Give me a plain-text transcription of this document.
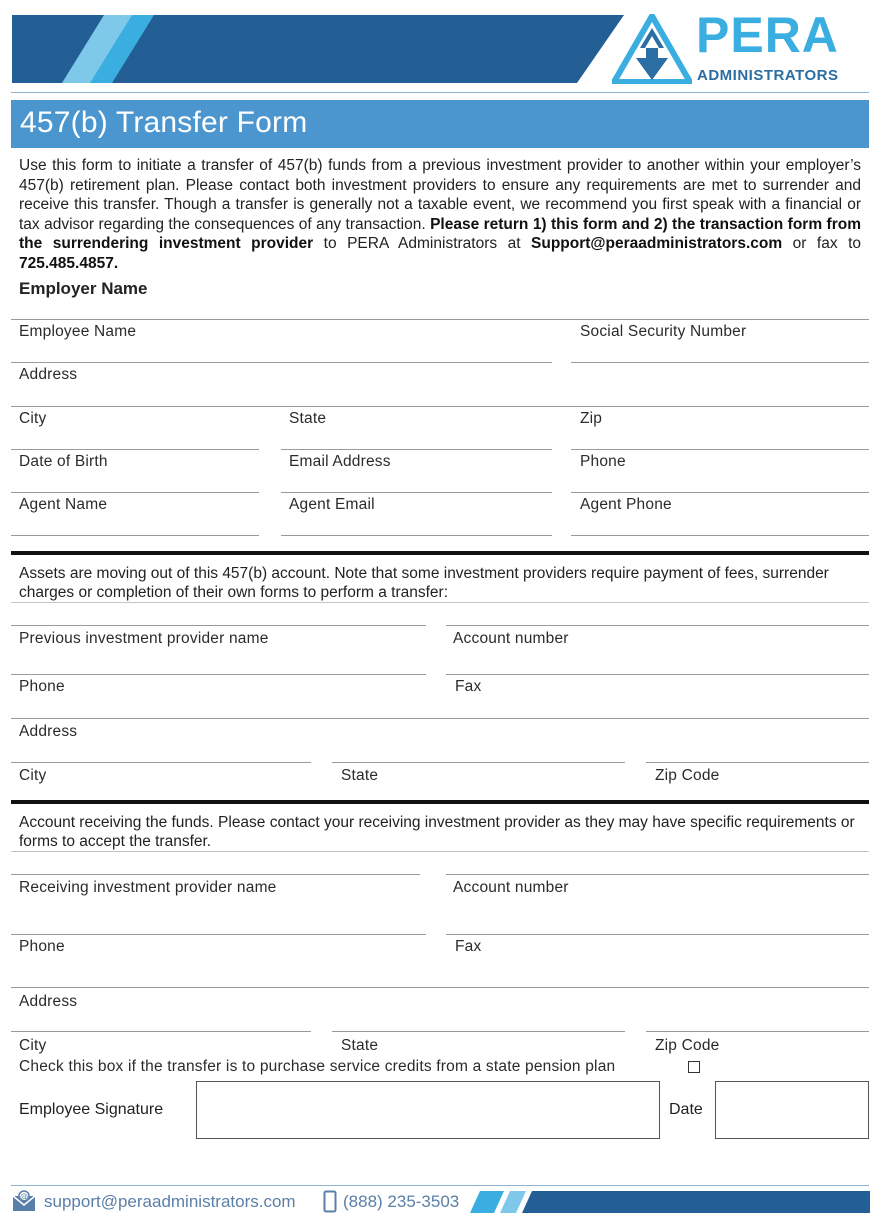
PERA
ADMINISTRATORS
457(b) Transfer Form
Use this form to initiate a transfer of 457(b) funds from a previous investment provider to another within your employer’s 457(b) retirement plan. Please contact both investment providers to ensure any requirements are met to surrender and receive this transfer. Though a transfer is generally not a taxable event, we recommend you first speak with a financial or tax advisor regarding the consequences of any transaction. Please return 1) this form and 2) the transaction form from the surrendering investment provider to PERA Administrators at Support@peraadministrators.com or fax to 725.485.4857.
Employer Name
Employee Name	Social Security Number
Address
City	State	Zip
Date of Birth	Email Address	Phone
Agent Name	Agent Email	Agent Phone
Assets are moving out of this 457(b) account. Note that some investment providers require payment of fees, surrender charges or completion of their own forms to perform a transfer:
Previous investment provider name	Account number
Phone	Fax
Address
City	State	Zip Code
Account receiving the funds. Please contact your receiving investment provider as they may have specific requirements or forms to accept the transfer.
Receiving investment provider name	Account number
Phone	Fax
Address
City	State	Zip Code
Check this box if the transfer is to purchase service credits from a state pension plan
Employee Signature	Date
@ support@peraadministrators.com	(888) 235-3503
